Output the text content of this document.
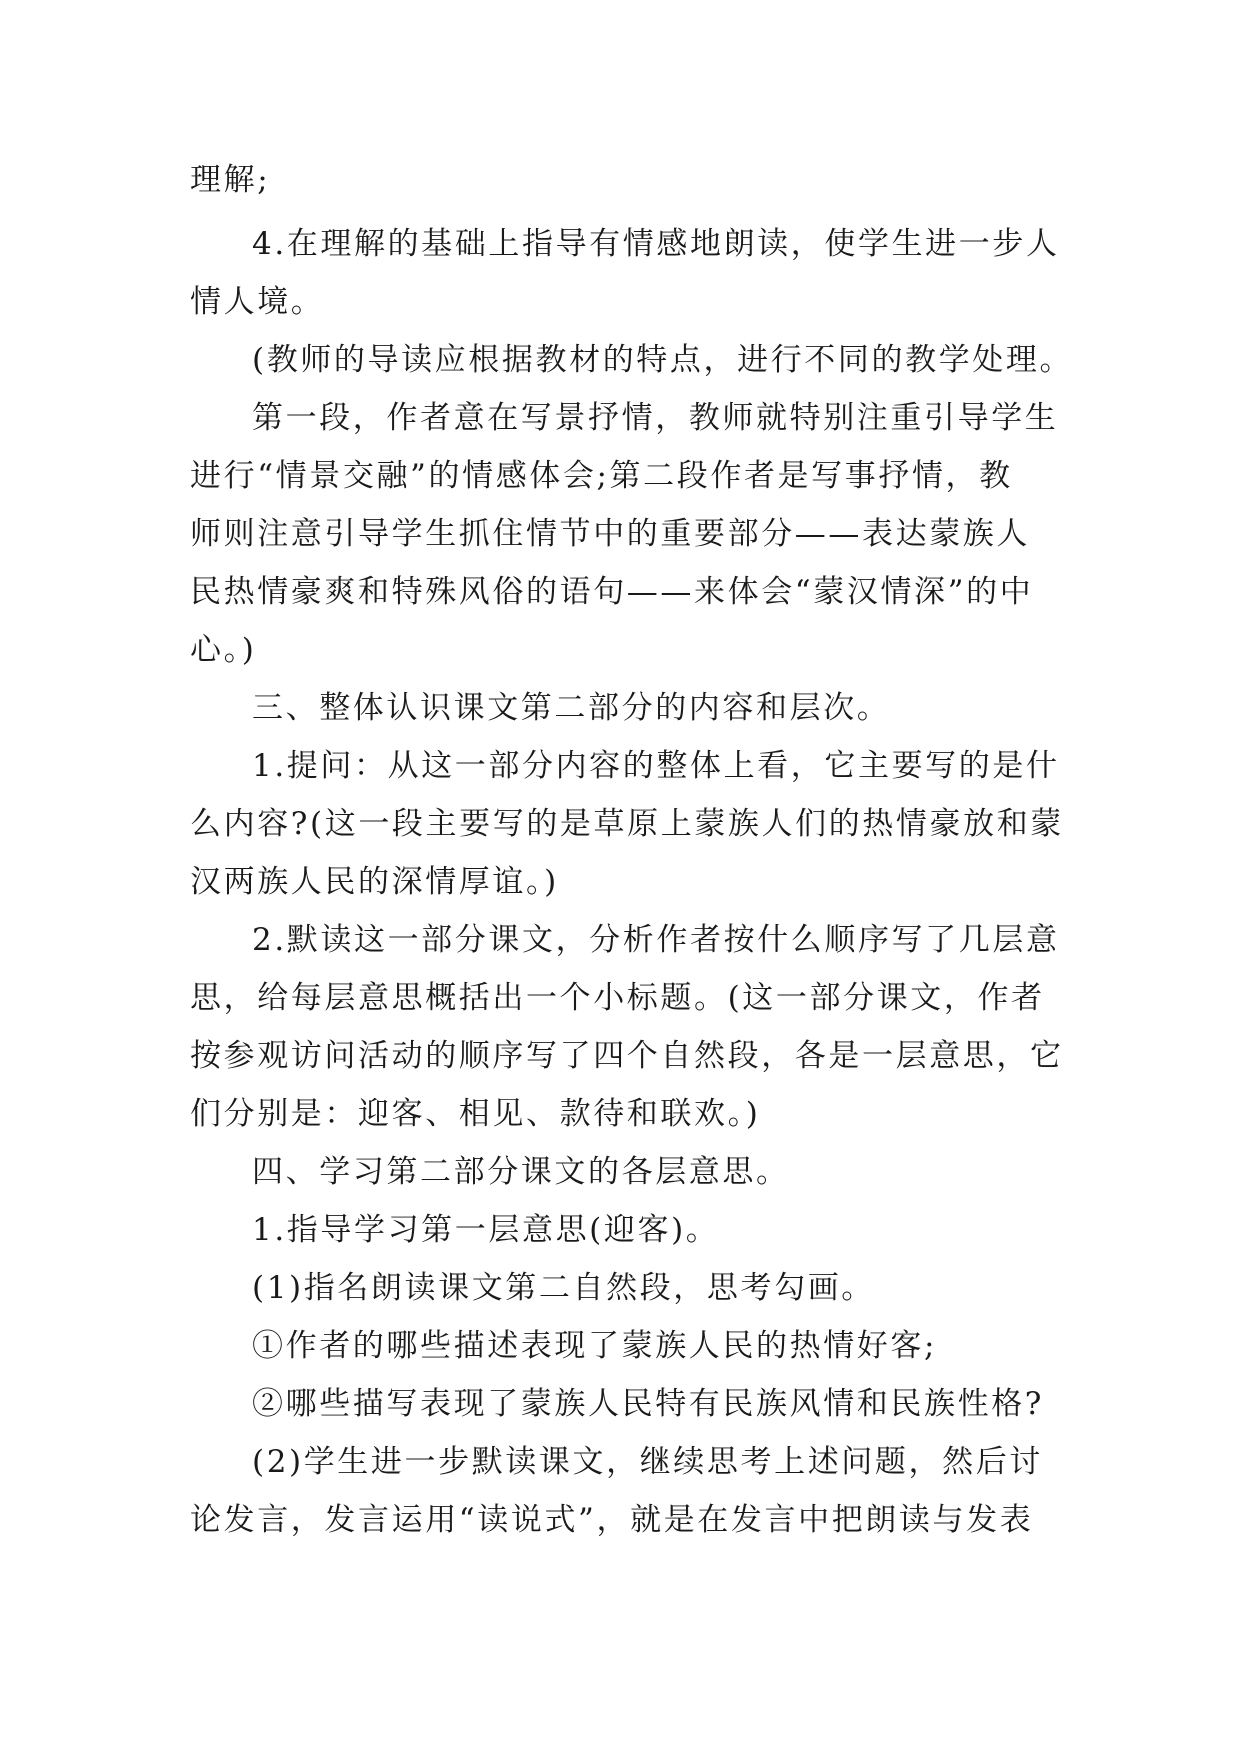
理解;
4.在理解的基础上指导有情感地朗读，使学生进一步人
情人境。
(教师的导读应根据教材的特点，进行不同的教学处理。
第一段，作者意在写景抒情，教师就特别注重引导学生
进行“情景交融”的情感体会;第二段作者是写事抒情，教
师则注意引导学生抓住情节中的重要部分——表达蒙族人
民热情豪爽和特殊风俗的语句——来体会“蒙汉情深”的中
心。)
三、整体认识课文第二部分的内容和层次。
1.提问：从这一部分内容的整体上看，它主要写的是什
么内容?(这一段主要写的是草原上蒙族人们的热情豪放和蒙
汉两族人民的深情厚谊。)
2.默读这一部分课文，分析作者按什么顺序写了几层意
思，给每层意思概括出一个小标题。(这一部分课文，作者
按参观访问活动的顺序写了四个自然段，各是一层意思，它
们分别是：迎客、相见、款待和联欢。)
四、学习第二部分课文的各层意思。
1.指导学习第一层意思(迎客)。
(1)指名朗读课文第二自然段，思考勾画。
①作者的哪些描述表现了蒙族人民的热情好客;
②哪些描写表现了蒙族人民特有民族风情和民族性格?
(2)学生进一步默读课文，继续思考上述问题，然后讨
论发言，发言运用“读说式”，就是在发言中把朗读与发表
